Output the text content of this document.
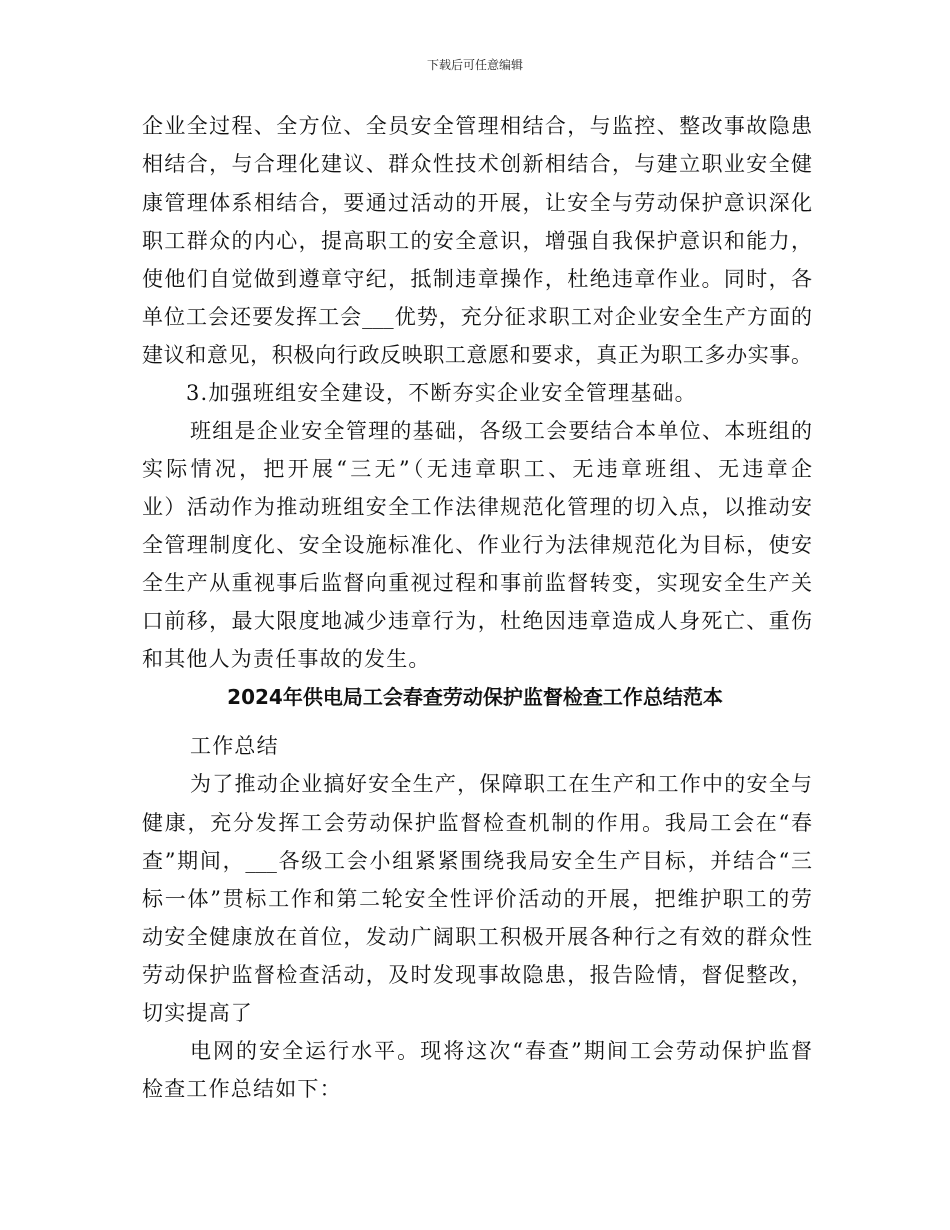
下载后可任意编辑
企业全过程、全方位、全员安全管理相结合，与监控、整改事故隐患
相结合，与合理化建议、群众性技术创新相结合，与建立职业安全健
康管理体系相结合，要通过活动的开展，让安全与劳动保护意识深化
职工群众的内心，提高职工的安全意识，增强自我保护意识和能力，
使他们自觉做到遵章守纪，抵制违章操作，杜绝违章作业。同时，各
单位工会还要发挥工会___优势，充分征求职工对企业安全生产方面的
建议和意见，积极向行政反映职工意愿和要求，真正为职工多办实事。
3.加强班组安全建设，不断夯实企业安全管理基础。
班组是企业安全管理的基础，各级工会要结合本单位、本班组的
实际情况，把开展“三无”（无违章职工、无违章班组、无违章企
业）活动作为推动班组安全工作法律规范化管理的切入点，以推动安
全管理制度化、安全设施标准化、作业行为法律规范化为目标，使安
全生产从重视事后监督向重视过程和事前监督转变，实现安全生产关
口前移，最大限度地减少违章行为，杜绝因违章造成人身死亡、重伤
和其他人为责任事故的发生。
2024年供电局工会春查劳动保护监督检查工作总结范本
工作总结
为了推动企业搞好安全生产，保障职工在生产和工作中的安全与
健康，充分发挥工会劳动保护监督检查机制的作用。我局工会在“春
查”期间，___各级工会小组紧紧围绕我局安全生产目标，并结合“三
标一体”贯标工作和第二轮安全性评价活动的开展，把维护职工的劳
动安全健康放在首位，发动广阔职工积极开展各种行之有效的群众性
劳动保护监督检查活动，及时发现事故隐患，报告险情，督促整改，
切实提高了
电网的安全运行水平。现将这次“春查”期间工会劳动保护监督
检查工作总结如下：
